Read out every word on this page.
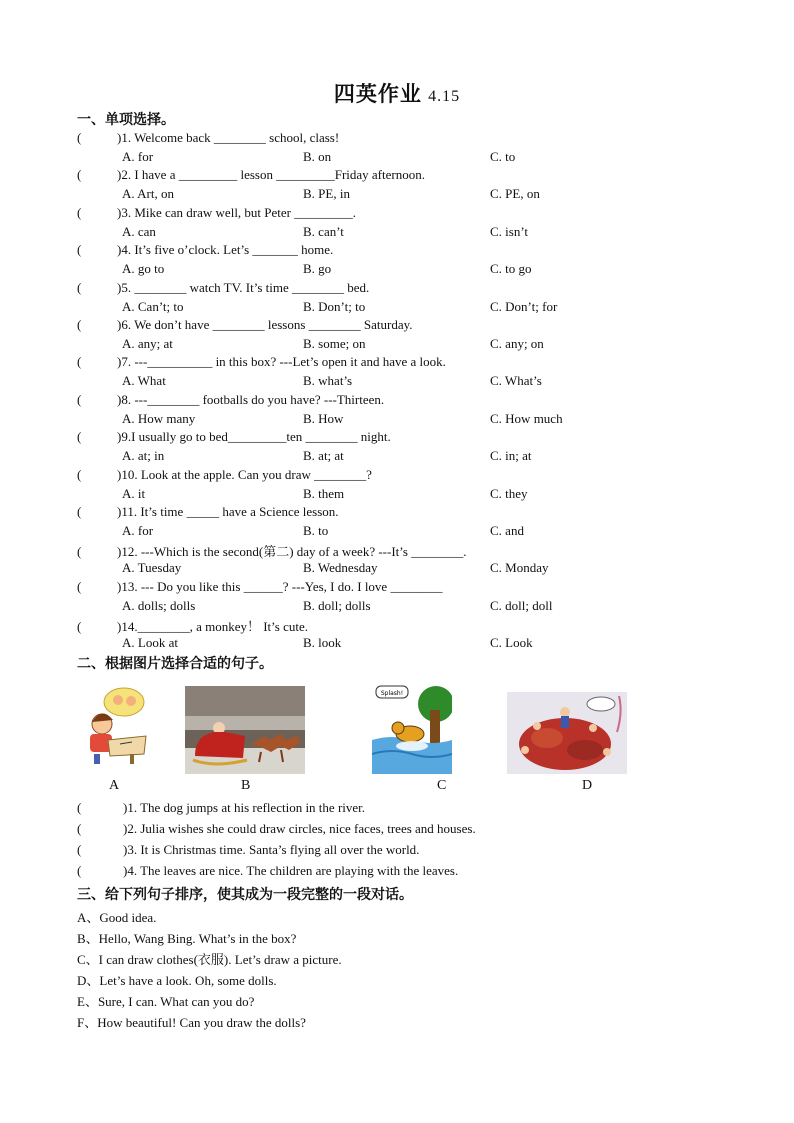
四英作业 4.15
一、单项选择。
(	)1. Welcome back ________ school, class!
A. for	B. on	C. to
(	)2. I have a _________ lesson _________Friday afternoon.
A. Art, on	B. PE, in	C. PE, on
(	)3. Mike can draw well, but Peter _________.
A. can	B. can’t	C. isn’t
(	)4. It’s five o’clock. Let’s _______ home.
A. go to	B. go	C. to go
(	)5. ________ watch TV. It’s time ________ bed.
A. Can’t; to	B. Don’t; to	C. Don’t; for
(	)6. We don’t have ________ lessons ________ Saturday.
A. any; at	B. some; on	C. any; on
(	)7. ---__________ in this box? ---Let’s open it and have a look.
A. What	B. what’s	C. What’s
(	)8. ---________ footballs do you have? ---Thirteen.
A. How many	B. How	C. How much
(	)9.I usually go to bed_________ten ________ night.
A. at; in	B. at; at	C. in; at
(	)10. Look at the apple. Can you draw ________?
A. it	B. them	C. they
(	)11. It’s time _____ have a Science lesson.
A. for	B. to	C. and
(	)12. ---Which is the second(第二) day of a week? ---It’s ________.
A. Tuesday	B. Wednesday	C. Monday
(	)13. --- Do you like this ______? ---Yes, I do. I love ________
A. dolls; dolls	B. doll; dolls	C. doll; doll
(	)14.________, a monkey！ It’s cute.
A. Look at	B. look	C. Look
二、根据图片选择合适的句子。
Splash!
A	B	C	D
(	)1. The dog jumps at his reflection in the river.
(	)2. Julia wishes she could draw circles, nice faces, trees and houses.
(	)3. It is Christmas time. Santa’s flying all over the world.
(	)4. The leaves are nice. The children are playing with the leaves.
三、给下列句子排序，使其成为一段完整的一段对话。
A、Good idea.
B、Hello, Wang Bing. What’s in the box?
C、I can draw clothes(衣服). Let’s draw a picture.
D、Let’s have a look. Oh, some dolls.
E、Sure, I can. What can you do?
F、How beautiful! Can you draw the dolls?
